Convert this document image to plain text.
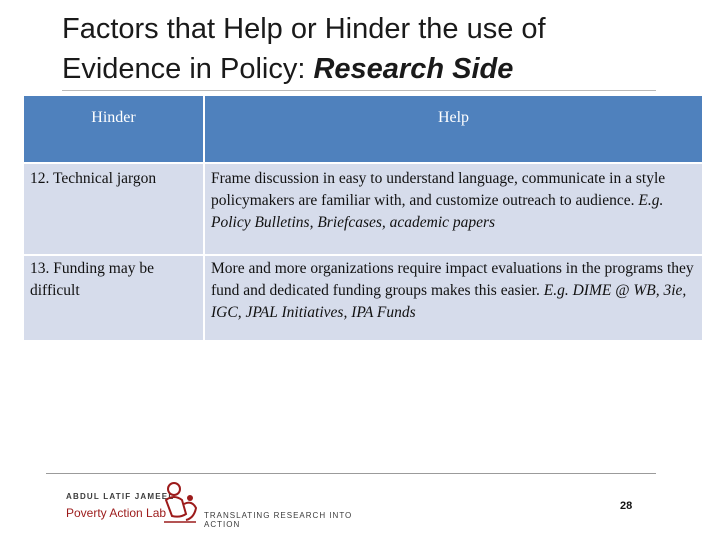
Factors that Help or Hinder the use of
Evidence in Policy: Research Side
Hinder	Help
12. Technical jargon	Frame discussion in easy to understand language, communicate in a style policymakers are familiar with, and customize outreach to audience. E.g. Policy Bulletins, Briefcases, academic papers
13. Funding may be difficult	More and more organizations require impact evaluations in the programs they fund and dedicated funding groups makes this easier. E.g. DIME @ WB, 3ie, IGC, JPAL Initiatives, IPA Funds
ABDUL LATIF JAMEEL
Poverty Action Lab	TRANSLATING RESEARCH INTO ACTION
28
